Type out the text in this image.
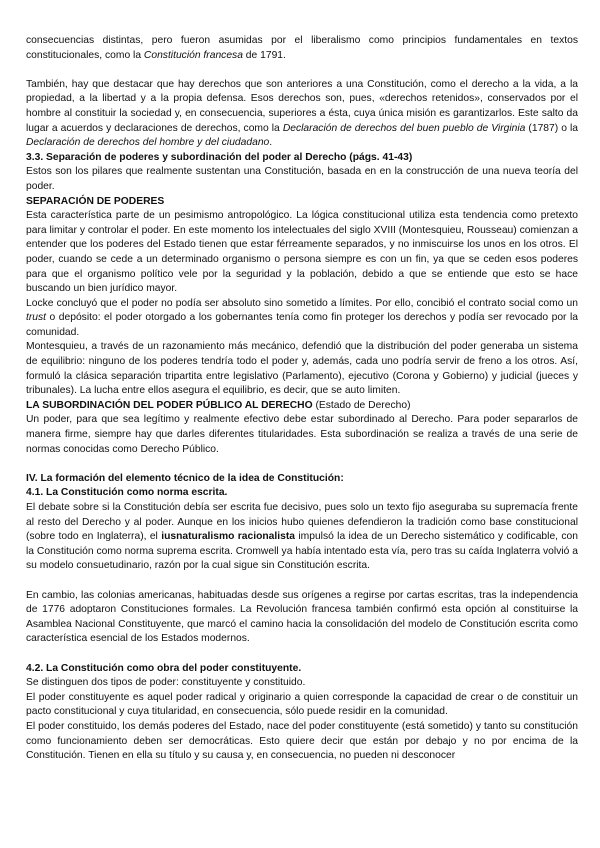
consecuencias distintas, pero fueron asumidas por el liberalismo como principios fundamentales en textos constitucionales, como la Constitución francesa de 1791.

También, hay que destacar que hay derechos que son anteriores a una Constitución, como el derecho a la vida, a la propiedad, a la libertad y a la propia defensa. Esos derechos son, pues, «derechos retenidos», conservados por el hombre al constituir la sociedad y, en consecuencia, superiores a ésta, cuya única misión es garantizarlos. Este salto da lugar a acuerdos y declaraciones de derechos, como la Declaración de derechos del buen pueblo de Virginia (1787) o la Declaración de derechos del hombre y del ciudadano.

3.3. Separación de poderes y subordinación del poder al Derecho (págs. 41-43)

Estos son los pilares que realmente sustentan una Constitución, basada en en la construcción de una nueva teoría del poder.

SEPARACIÓN DE PODERES

Esta característica parte de un pesimismo antropológico. La lógica constitucional utiliza esta tendencia como pretexto para limitar y controlar el poder. En este momento los intelectuales del siglo XVIII (Montesquieu, Rousseau) comienzan a entender que los poderes del Estado tienen que estar férreamente separados, y no inmiscuirse los unos en los otros. El poder, cuando se cede a un determinado organismo o persona siempre es con un fin, ya que se ceden esos poderes para que el organismo político vele por la seguridad y la población, debido a que se entiende que esto se hace buscando un bien jurídico mayor.

Locke concluyó que el poder no podía ser absoluto sino sometido a límites. Por ello, concibió el contrato social como un trust o depósito: el poder otorgado a los gobernantes tenía como fin proteger los derechos y podía ser revocado por la comunidad.

Montesquieu, a través de un razonamiento más mecánico, defendió que la distribución del poder generaba un sistema de equilibrio: ninguno de los poderes tendría todo el poder y, además, cada uno podría servir de freno a los otros. Así, formuló la clásica separación tripartita entre legislativo (Parlamento), ejecutivo (Corona y Gobierno) y judicial (jueces y tribunales). La lucha entre ellos asegura el equilibrio, es decir, que se auto limiten.

LA SUBORDINACIÓN DEL PODER PÚBLICO AL DERECHO (Estado de Derecho)

Un poder, para que sea legítimo y realmente efectivo debe estar subordinado al Derecho. Para poder separarlos de manera firme, siempre hay que darles diferentes titularidades. Esta subordinación se realiza a través de una serie de normas conocidas como Derecho Público.

IV. La formación del elemento técnico de la idea de Constitución:

4.1. La Constitución como norma escrita.

El debate sobre si la Constitución debía ser escrita fue decisivo, pues solo un texto fijo aseguraba su supremacía frente al resto del Derecho y al poder. Aunque en los inicios hubo quienes defendieron la tradición como base constitucional (sobre todo en Inglaterra), el iusnaturalismo racionalista impulsó la idea de un Derecho sistemático y codificable, con la Constitución como norma suprema escrita. Cromwell ya había intentado esta vía, pero tras su caída Inglaterra volvió a su modelo consuetudinario, razón por la cual sigue sin Constitución escrita.

En cambio, las colonias americanas, habituadas desde sus orígenes a regirse por cartas escritas, tras la independencia de 1776 adoptaron Constituciones formales. La Revolución francesa también confirmó esta opción al constituirse la Asamblea Nacional Constituyente, que marcó el camino hacia la consolidación del modelo de Constitución escrita como característica esencial de los Estados modernos.

4.2. La Constitución como obra del poder constituyente.

Se distinguen dos tipos de poder: constituyente y constituido.

El poder constituyente es aquel poder radical y originario a quien corresponde la capacidad de crear o de constituir un pacto constitucional y cuya titularidad, en consecuencia, sólo puede residir en la comunidad.

El poder constituido, los demás poderes del Estado, nace del poder constituyente (está sometido) y tanto su constitución como funcionamiento deben ser democráticas. Esto quiere decir que están por debajo y no por encima de la Constitución. Tienen en ella su título y su causa y, en consecuencia, no pueden ni desconocer
